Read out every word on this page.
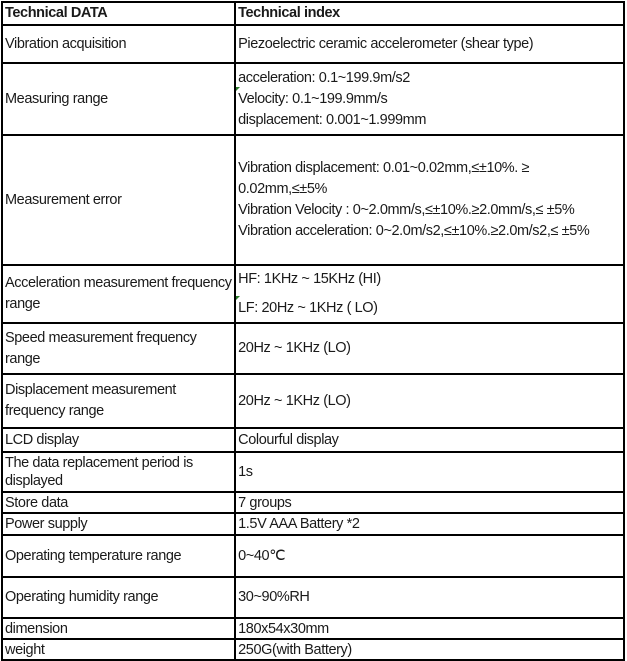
Technical DATA	Technical index
Vibration acquisition	Piezoelectric ceramic accelerometer (shear type)
Measuring range	acceleration: 0.1~199.9m/s2
Velocity: 0.1~199.9mm/s
displacement: 0.001~1.999mm

Measurement error	Vibration displacement: 0.01~0.02mm,≤±10%. ≥ 0.02mm,≤±5%
Vibration Velocity : 0~2.0mm/s,≤±10%.≥2.0mm/s,≤ ±5%
Vibration acceleration: 0~2.0m/s2,≤±10%.≥2.0m/s2,≤ ±5%

Acceleration measurement frequency range	HF: 1KHz ~ 15KHz (HI)
LF: 20Hz ~ 1KHz ( LO)

Speed measurement frequency range	20Hz ~ 1KHz (LO)
Displacement measurement frequency range	20Hz ~ 1KHz (LO)
LCD display	Colourful display
The data replacement period is displayed	1s
Store data	7 groups
Power supply	1.5V AAA Battery *2
Operating temperature range	0~40℃
Operating humidity range	30~90%RH
dimension	180x54x30mm
weight	250G(with Battery)
